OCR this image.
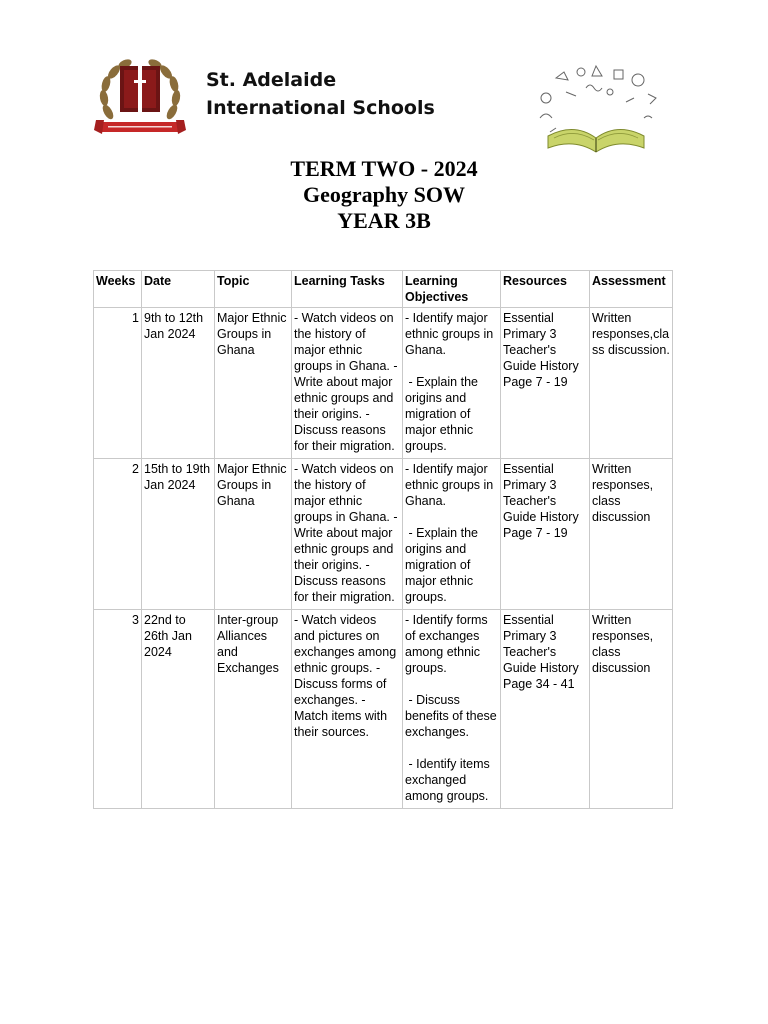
St. Adelaide
International Schools
TERM TWO - 2024
Geography SOW
YEAR 3B
Weeks	Date	Topic	Learning Tasks	Learning Objectives	Resources	Assessment
1	9th to 12th Jan 2024	Major Ethnic Groups in Ghana	- Watch videos on the history of major ethnic groups in Ghana. - Write about major ethnic groups and their origins. - Discuss reasons for their migration.	- Identify major ethnic groups in Ghana.

- Explain the origins and migration of major ethnic groups.	Essential Primary 3 Teacher's Guide History Page 7 - 19	Written responses,class discussion.
2	15th to 19th Jan 2024	Major Ethnic Groups in Ghana	- Watch videos on the history of major ethnic groups in Ghana. - Write about major ethnic groups and their origins. - Discuss reasons for their migration.	- Identify major ethnic groups in Ghana.

- Explain the origins and migration of major ethnic groups.	Essential Primary 3 Teacher's Guide History Page 7 - 19	Written responses, class discussion
3	22nd to 26th Jan 2024	Inter-group Alliances and Exchanges	- Watch videos and pictures on exchanges among ethnic groups. - Discuss forms of exchanges. - Match items with their sources.	- Identify forms of exchanges among ethnic groups.

- Discuss benefits of these exchanges.

- Identify items exchanged among groups.	Essential Primary 3 Teacher's Guide History Page 34 - 41	Written responses, class discussion
